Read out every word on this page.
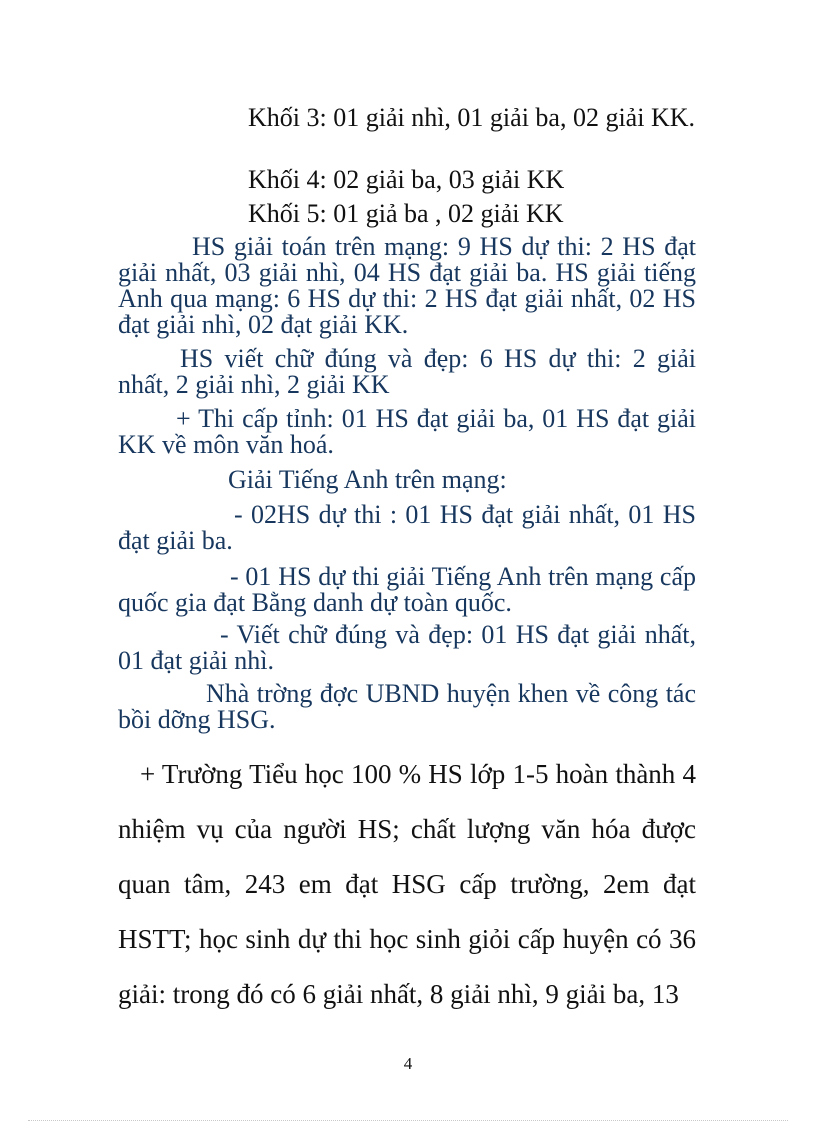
Khối 3: 01 giải nhì, 01 giải ba, 02 giải KK.

Khối 4: 02 giải ba, 03 giải KK

Khối 5: 01 giả ba , 02 giải KK

HS giải toán trên mạng: 9 HS dự thi: 2 HS đạt giải nhất, 03 giải nhì, 04 HS đạt giải ba. HS giải tiếng Anh qua mạng: 6 HS dự thi: 2 HS đạt giải nhất, 02 HS đạt giải nhì, 02 đạt giải KK.

HS viết chữ đúng và đẹp: 6 HS dự thi: 2 giải nhất, 2 giải nhì, 2 giải KK

+ Thi cấp tỉnh: 01 HS đạt giải ba, 01 HS đạt giải KK về môn văn hoá.

Giải Tiếng Anh trên mạng:

- 02HS dự thi : 01 HS đạt giải nhất, 01 HS đạt giải ba.

- 01 HS dự thi giải Tiếng Anh trên mạng cấp quốc gia đạt Bằng danh dự toàn quốc.

- Viết chữ đúng và đẹp: 01 HS đạt giải nhất, 01 đạt giải nhì.

Nhà trờng đợc UBND huyện khen về công tác bồi dỡng HSG.

+ Trường Tiểu học 100 % HS lớp 1-5 hoàn thành 4 nhiệm vụ của người HS; chất lượng văn hóa được quan tâm, 243 em đạt HSG cấp trường, 2em đạt HSTT; học sinh dự thi học sinh giỏi cấp huyện có 36 giải: trong đó có 6 giải nhất, 8 giải nhì, 9 giải ba, 13

4
